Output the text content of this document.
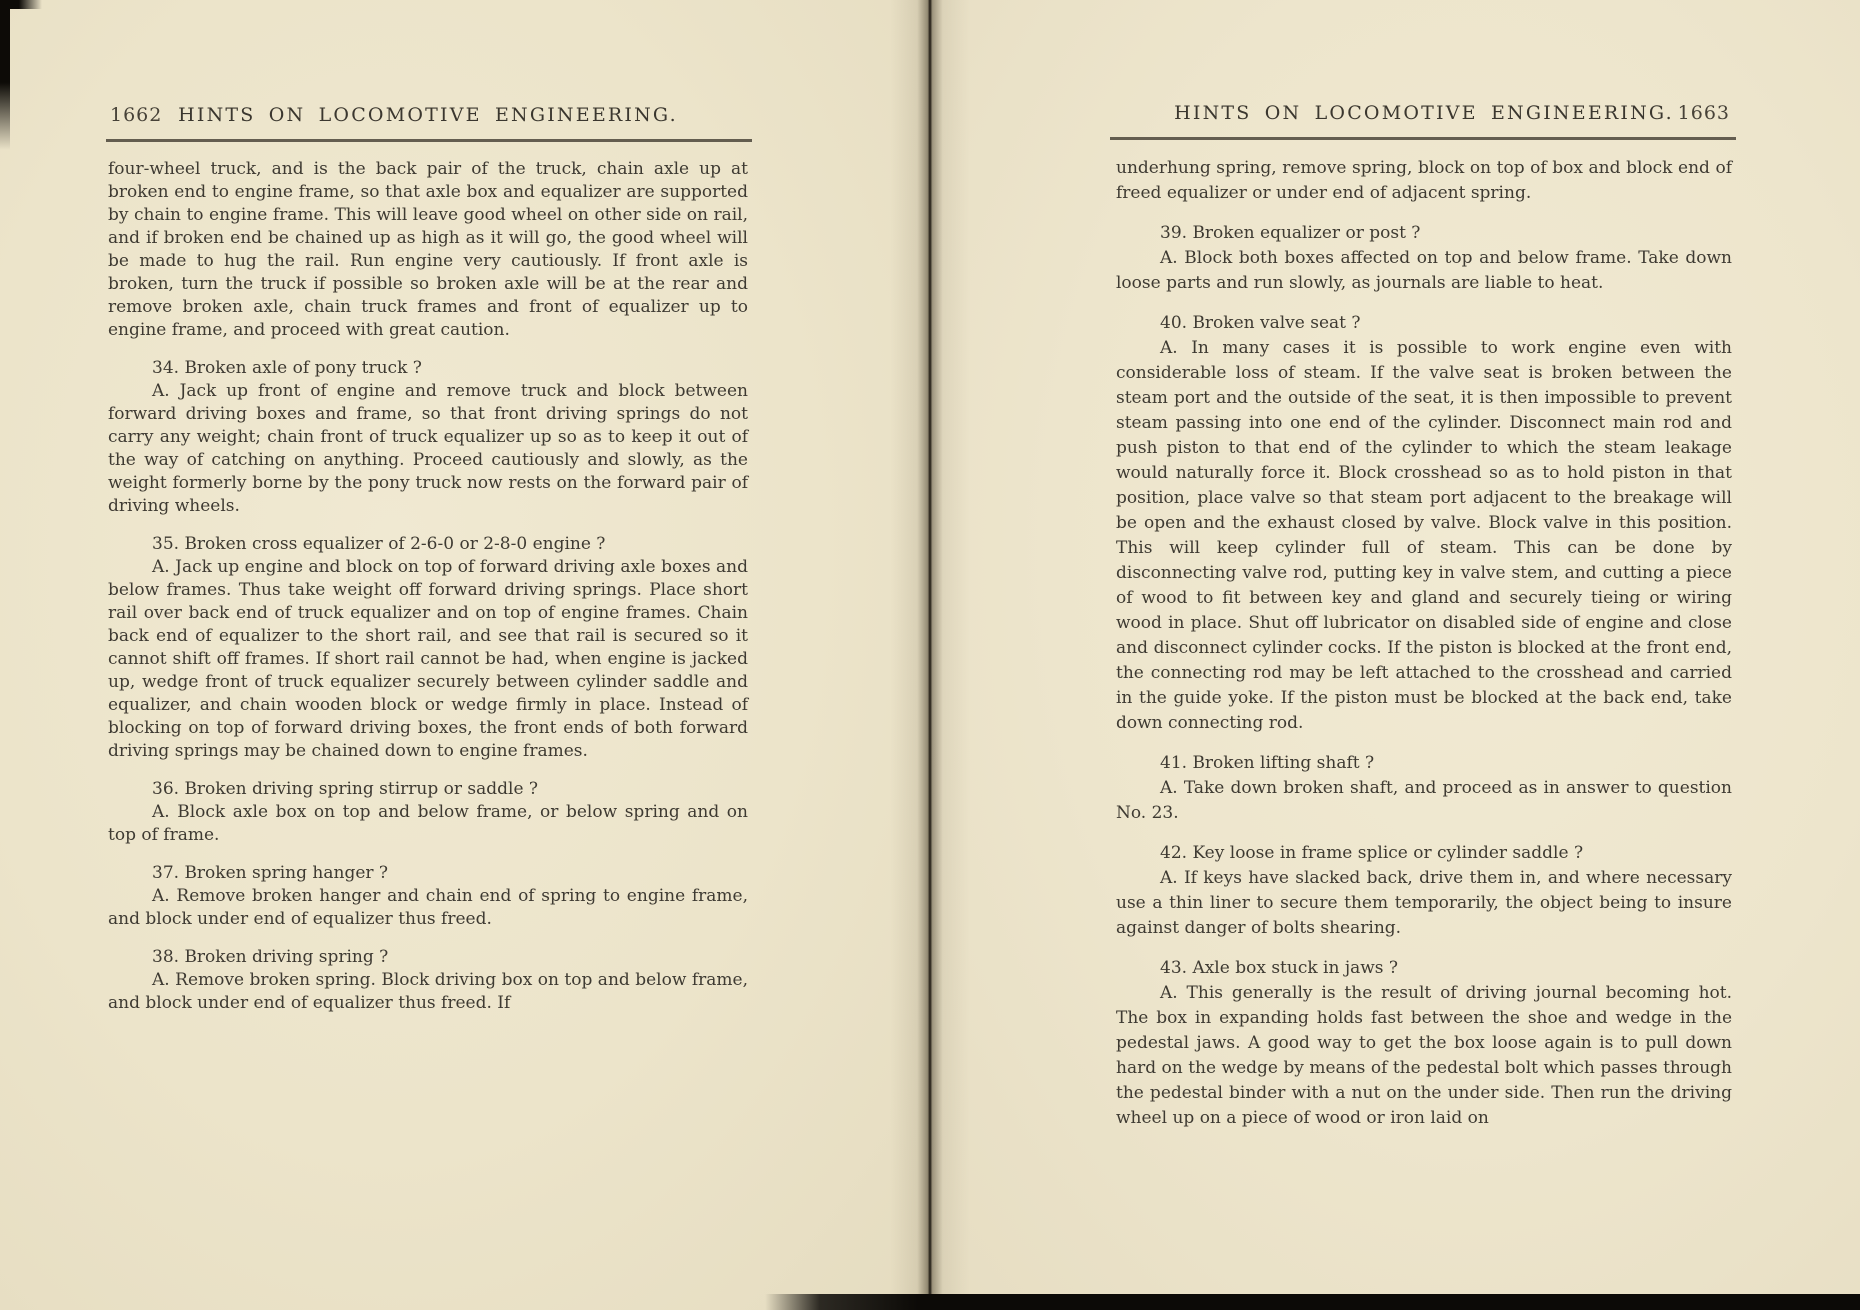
1662 HINTS ON LOCOMOTIVE ENGINEERING.

four-wheel truck, and is the back pair of the truck, chain axle up at broken end to engine frame, so that axle box and equalizer are supported by chain to engine frame. This will leave good wheel on other side on rail, and if broken end be chained up as high as it will go, the good wheel will be made to hug the rail. Run engine very cautiously. If front axle is broken, turn the truck if possible so broken axle will be at the rear and remove broken axle, chain truck frames and front of equalizer up to engine frame, and proceed with great caution.

34. Broken axle of pony truck ?

A. Jack up front of engine and remove truck and block between forward driving boxes and frame, so that front driving springs do not carry any weight; chain front of truck equalizer up so as to keep it out of the way of catching on anything. Proceed cautiously and slowly, as the weight formerly borne by the pony truck now rests on the forward pair of driving wheels.

35. Broken cross equalizer of 2-6-0 or 2-8-0 engine ?

A. Jack up engine and block on top of forward driving axle boxes and below frames. Thus take weight off forward driving springs. Place short rail over back end of truck equalizer and on top of engine frames. Chain back end of equalizer to the short rail, and see that rail is secured so it cannot shift off frames. If short rail cannot be had, when engine is jacked up, wedge front of truck equalizer securely between cylinder saddle and equalizer, and chain wooden block or wedge firmly in place. Instead of blocking on top of forward driving boxes, the front ends of both forward driving springs may be chained down to engine frames.

36. Broken driving spring stirrup or saddle ?

A. Block axle box on top and below frame, or below spring and on top of frame.

37. Broken spring hanger ?

A. Remove broken hanger and chain end of spring to engine frame, and block under end of equalizer thus freed.

38. Broken driving spring ?

A. Remove broken spring. Block driving box on top and below frame, and block under end of equalizer thus freed. If

HINTS ON LOCOMOTIVE ENGINEERING. 1663

underhung spring, remove spring, block on top of box and block end of freed equalizer or under end of adjacent spring.

39. Broken equalizer or post ?

A. Block both boxes affected on top and below frame. Take down loose parts and run slowly, as journals are liable to heat.

40. Broken valve seat ?

A. In many cases it is possible to work engine even with considerable loss of steam. If the valve seat is broken between the steam port and the outside of the seat, it is then impossible to prevent steam passing into one end of the cylinder. Disconnect main rod and push piston to that end of the cylinder to which the steam leakage would naturally force it. Block crosshead so as to hold piston in that position, place valve so that steam port adjacent to the breakage will be open and the exhaust closed by valve. Block valve in this position. This will keep cylinder full of steam. This can be done by disconnecting valve rod, putting key in valve stem, and cutting a piece of wood to fit between key and gland and securely tieing or wiring wood in place. Shut off lubricator on disabled side of engine and close and disconnect cylinder cocks. If the piston is blocked at the front end, the connecting rod may be left attached to the crosshead and carried in the guide yoke. If the piston must be blocked at the back end, take down connecting rod.

41. Broken lifting shaft ?

A. Take down broken shaft, and proceed as in answer to question No. 23.

42. Key loose in frame splice or cylinder saddle ?

A. If keys have slacked back, drive them in, and where necessary use a thin liner to secure them temporarily, the object being to insure against danger of bolts shearing.

43. Axle box stuck in jaws ?

A. This generally is the result of driving journal becoming hot. The box in expanding holds fast between the shoe and wedge in the pedestal jaws. A good way to get the box loose again is to pull down hard on the wedge by means of the pedestal bolt which passes through the pedestal binder with a nut on the under side. Then run the driving wheel up on a piece of wood or iron laid on
